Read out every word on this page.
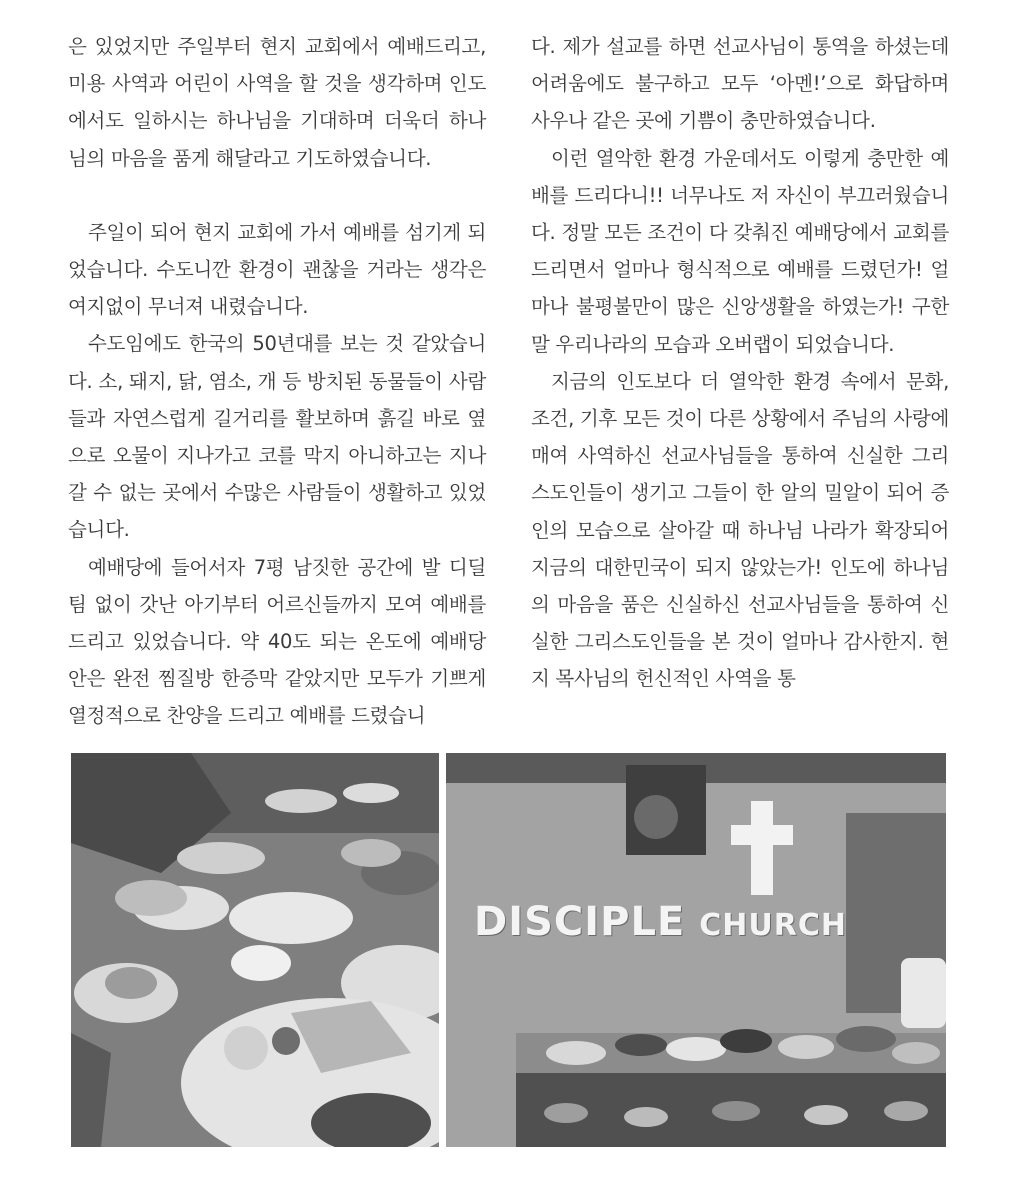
은 있었지만 주일부터 현지 교회에서 예배드리고, 미용 사역과 어린이 사역을 할 것을 생각하며 인도에서도 일하시는 하나님을 기대하며 더욱더 하나님의 마음을 품게 해달라고 기도하였습니다.

주일이 되어 현지 교회에 가서 예배를 섬기게 되었습니다. 수도니깐 환경이 괜찮을 거라는 생각은 여지없이 무너져 내렸습니다.

수도임에도 한국의 50년대를 보는 것 같았습니다. 소, 돼지, 닭, 염소, 개 등 방치된 동물들이 사람들과 자연스럽게 길거리를 활보하며 흙길 바로 옆으로 오물이 지나가고 코를 막지 아니하고는 지나갈 수 없는 곳에서 수많은 사람들이 생활하고 있었습니다.

예배당에 들어서자 7평 남짓한 공간에 발 디딜 팀 없이 갓난 아기부터 어르신들까지 모여 예배를 드리고 있었습니다. 약 40도 되는 온도에 예배당 안은 완전 찜질방 한증막 같았지만 모두가 기쁘게 열정적으로 찬양을 드리고 예배를 드렸습니

다. 제가 설교를 하면 선교사님이 통역을 하셨는데 어려움에도 불구하고 모두 ‘아멘!’으로 화답하며 사우나 같은 곳에 기쁨이 충만하였습니다.

이런 열악한 환경 가운데서도 이렇게 충만한 예배를 드리다니!! 너무나도 저 자신이 부끄러웠습니다. 정말 모든 조건이 다 갖춰진 예배당에서 교회를 드리면서 얼마나 형식적으로 예배를 드렸던가! 얼마나 불평불만이 많은 신앙생활을 하였는가! 구한말 우리나라의 모습과 오버랩이 되었습니다.

지금의 인도보다 더 열악한 환경 속에서 문화, 조건, 기후 모든 것이 다른 상황에서 주님의 사랑에 매여 사역하신 선교사님들을 통하여 신실한 그리스도인들이 생기고 그들이 한 알의 밀알이 되어 증인의 모습으로 살아갈 때 하나님 나라가 확장되어 지금의 대한민국이 되지 않았는가! 인도에 하나님의 마음을 품은 신실하신 선교사님들을 통하여 신실한 그리스도인들을 본 것이 얼마나 감사한지. 현지 목사님의 헌신적인 사역을 통

DISCIPLE CHURCH
